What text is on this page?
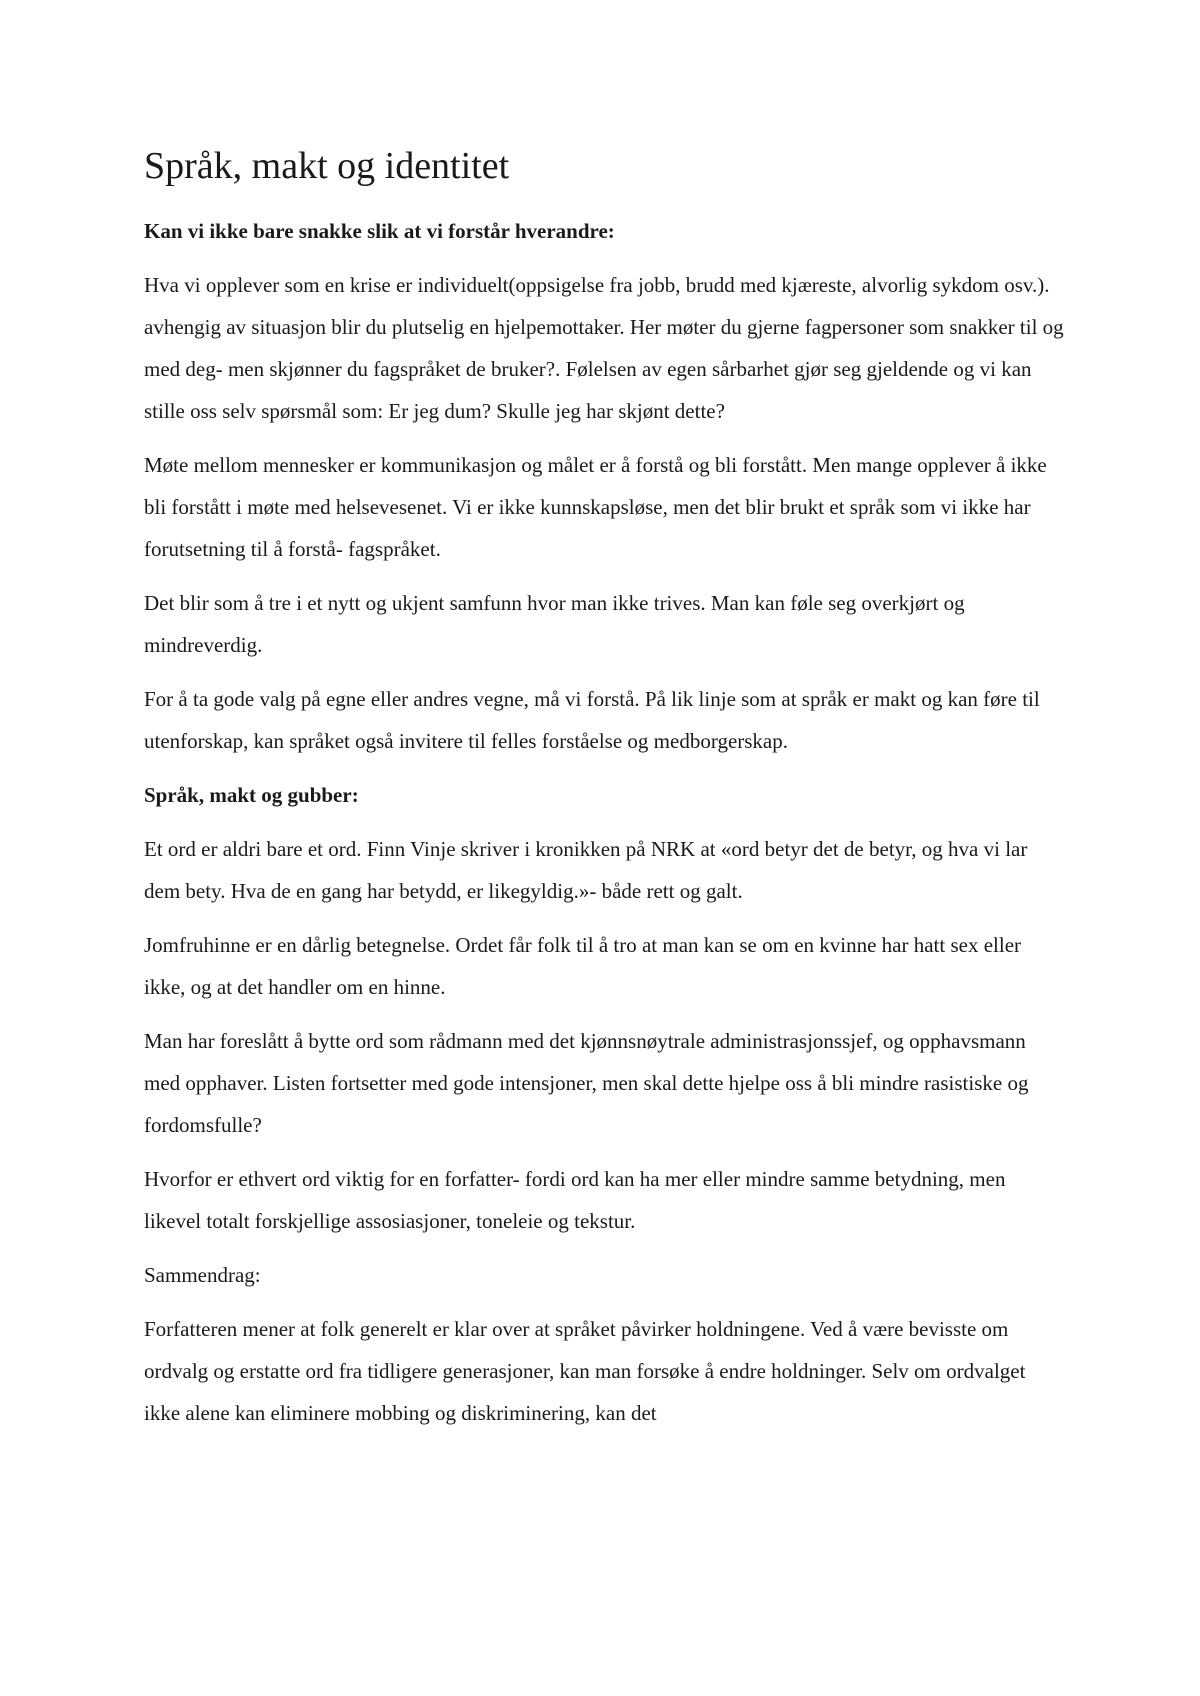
Språk, makt og identitet

Kan vi ikke bare snakke slik at vi forstår hverandre:

Hva vi opplever som en krise er individuelt(oppsigelse fra jobb, brudd med kjæreste, alvorlig sykdom osv.). avhengig av situasjon blir du plutselig en hjelpemottaker. Her møter du gjerne fagpersoner som snakker til og med deg- men skjønner du fagspråket de bruker?. Følelsen av egen sårbarhet gjør seg gjeldende og vi kan stille oss selv spørsmål som: Er jeg dum? Skulle jeg har skjønt dette?

Møte mellom mennesker er kommunikasjon og målet er å forstå og bli forstått. Men mange opplever å ikke bli forstått i møte med helsevesenet. Vi er ikke kunnskapsløse, men det blir brukt et språk som vi ikke har forutsetning til å forstå- fagspråket.

Det blir som å tre i et nytt og ukjent samfunn hvor man ikke trives. Man kan føle seg overkjørt og mindreverdig.

For å ta gode valg på egne eller andres vegne, må vi forstå. På lik linje som at språk er makt og kan føre til utenforskap, kan språket også invitere til felles forståelse og medborgerskap.

Språk, makt og gubber:

Et ord er aldri bare et ord. Finn Vinje skriver i kronikken på NRK at «ord betyr det de betyr, og hva vi lar dem bety. Hva de en gang har betydd, er likegyldig.»- både rett og galt.

Jomfruhinne er en dårlig betegnelse. Ordet får folk til å tro at man kan se om en kvinne har hatt sex eller ikke, og at det handler om en hinne.

Man har foreslått å bytte ord som rådmann med det kjønnsnøytrale administrasjonssjef, og opphavsmann med opphaver. Listen fortsetter med gode intensjoner, men skal dette hjelpe oss å bli mindre rasistiske og fordomsfulle?

Hvorfor er ethvert ord viktig for en forfatter- fordi ord kan ha mer eller mindre samme betydning, men likevel totalt forskjellige assosiasjoner, toneleie og tekstur.

Sammendrag:

Forfatteren mener at folk generelt er klar over at språket påvirker holdningene. Ved å være bevisste om ordvalg og erstatte ord fra tidligere generasjoner, kan man forsøke å endre holdninger. Selv om ordvalget ikke alene kan eliminere mobbing og diskriminering, kan det
